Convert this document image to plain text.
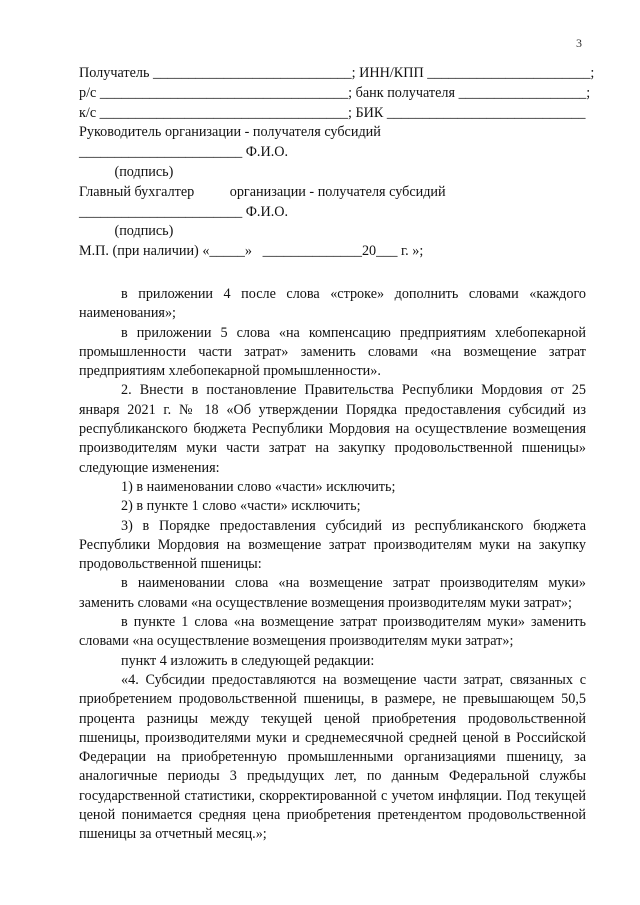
3
Получатель ____________________________; ИНН/КПП _______________________;
р/с ___________________________________; банк получателя __________________;
к/с ___________________________________; БИК ____________________________
Руководитель организации - получателя субсидий
_______________________ Ф.И.О.
(подпись)
Главный бухгалтер          организации - получателя субсидий
_______________________ Ф.И.О.
(подпись)
М.П. (при наличии) «_____»   ______________20___ г. »;

в приложении 4 после слова «строке» дополнить словами «каждого наименования»;

в приложении 5 слова «на компенсацию предприятиям хлебопекарной промышленности части затрат» заменить словами «на возмещение затрат предприятиям хлебопекарной промышленности».

2. Внести в постановление Правительства Республики Мордовия от 25 января 2021 г. № 18 «Об утверждении Порядка предоставления субсидий из республиканского бюджета Республики Мордовия на осуществление возмещения производителям муки части затрат на закупку продовольственной пшеницы» следующие изменения:

1) в наименовании слово «части» исключить;

2) в пункте 1 слово «части» исключить;

3) в Порядке предоставления субсидий из республиканского бюджета Республики Мордовия на возмещение затрат производителям муки на закупку продовольственной пшеницы:

в наименовании слова «на возмещение затрат производителям муки» заменить словами «на осуществление возмещения производителям муки затрат»;

в пункте 1 слова «на возмещение затрат производителям муки» заменить словами «на осуществление возмещения производителям муки затрат»;

пункт 4 изложить в следующей редакции:

«4. Субсидии предоставляются на возмещение части затрат, связанных с приобретением продовольственной пшеницы, в размере, не превышающем 50,5 процента разницы между текущей ценой приобретения продовольственной пшеницы, производителями муки и среднемесячной средней ценой в Российской Федерации на приобретенную промышленными организациями пшеницу, за аналогичные периоды 3 предыдущих лет, по данным Федеральной службы государственной статистики, скорректированной с учетом инфляции. Под текущей ценой понимается средняя цена приобретения претендентом продовольственной пшеницы за отчетный месяц.»;
